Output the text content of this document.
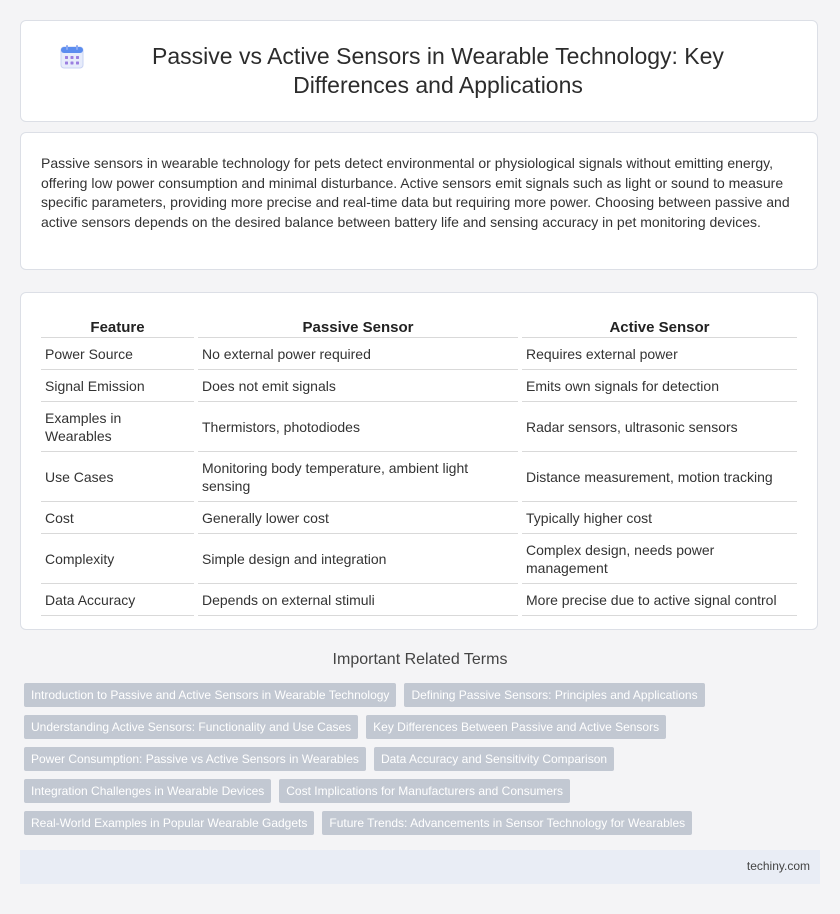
Passive vs Active Sensors in Wearable Technology: Key Differences and Applications

Passive sensors in wearable technology for pets detect environmental or physiological signals without emitting energy, offering low power consumption and minimal disturbance. Active sensors emit signals such as light or sound to measure specific parameters, providing more precise and real-time data but requiring more power. Choosing between passive and active sensors depends on the desired balance between battery life and sensing accuracy in pet monitoring devices.

Feature	Passive Sensor	Active Sensor
Power Source	No external power required	Requires external power
Signal Emission	Does not emit signals	Emits own signals for detection
Examples in Wearables	Thermistors, photodiodes	Radar sensors, ultrasonic sensors
Use Cases	Monitoring body temperature, ambient light sensing	Distance measurement, motion tracking
Cost	Generally lower cost	Typically higher cost
Complexity	Simple design and integration	Complex design, needs power management
Data Accuracy	Depends on external stimuli	More precise due to active signal control
Important Related Terms
Introduction to Passive and Active Sensors in Wearable Technology	Defining Passive Sensors: Principles and Applications
Understanding Active Sensors: Functionality and Use Cases	Key Differences Between Passive and Active Sensors
Power Consumption: Passive vs Active Sensors in Wearables	Data Accuracy and Sensitivity Comparison
Integration Challenges in Wearable Devices	Cost Implications for Manufacturers and Consumers
Real-World Examples in Popular Wearable Gadgets	Future Trends: Advancements in Sensor Technology for Wearables
techiny.com
